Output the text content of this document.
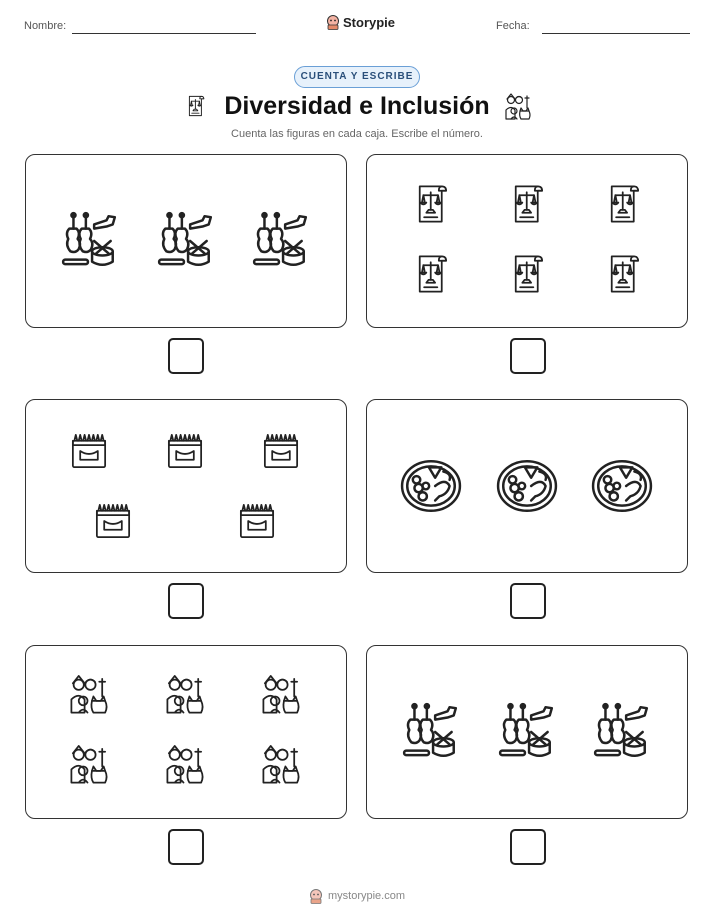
Nombre:	Storypie	Fecha:
CUENTA Y ESCRIBE
Diversidad e Inclusión
Cuenta las figuras en cada caja. Escribe el número.
mystorypie.com
